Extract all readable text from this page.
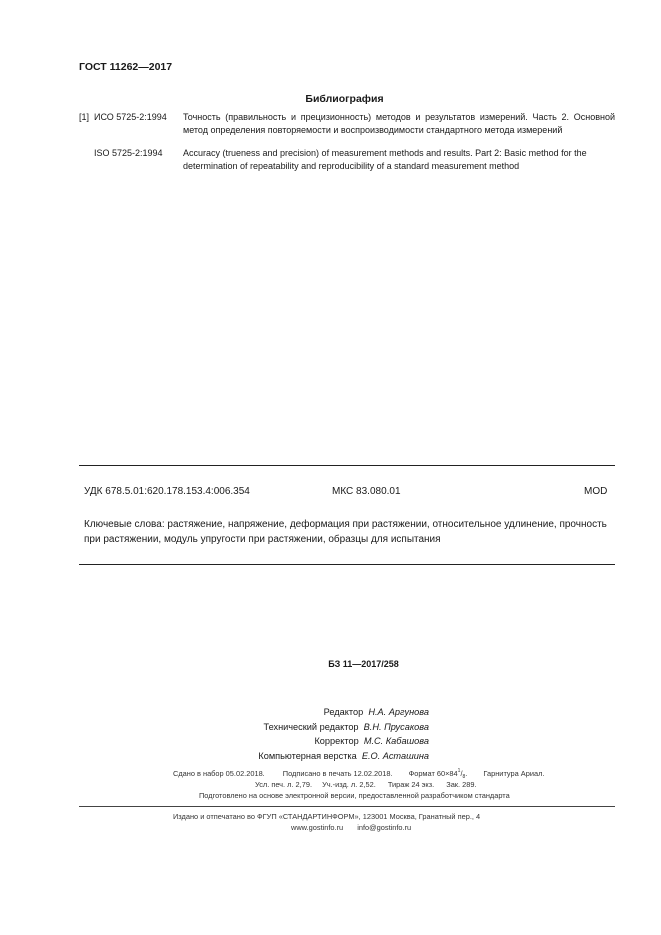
ГОСТ 11262—2017
Библиография
[1] ИСО 5725-2:1994 Точность (правильность и прецизионность) методов и результатов измерений. Часть 2. Основной метод определения повторяемости и воспроизводимости стандартного метода измерений
ISO 5725-2:1994 Accuracy (trueness and precision) of measurement methods and results. Part 2: Basic method for the determination of repeatability and reproducibility of a standard measurement method
УДК 678.5.01:620.178.153.4:006.354	МКС 83.080.01	MOD
Ключевые слова: растяжение, напряжение, деформация при растяжении, относительное удлинение, прочность при растяжении, модуль упругости при растяжении, образцы для испытания
БЗ 11—2017/258
Редактор Н.А. Аргунова
Технический редактор В.Н. Прусакова
Корректор М.С. Кабашова
Компьютерная верстка Е.О. Асташина
Сдано в набор 05.02.2018. Подписано в печать 12.02.2018. Формат $60\times 84^1/_8$. Гарнитура Ариал.
Усл. печ. л. 2,79. Уч.-изд. л. 2,52. Тираж 24 экз. Зак. 289.
Подготовлено на основе электронной версии, предоставленной разработчиком стандарта
Издано и отпечатано во ФГУП «СТАНДАРТИНФОРМ», 123001 Москва, Гранатный пер., 4
www.gostinfo.ru info@gostinfo.ru
